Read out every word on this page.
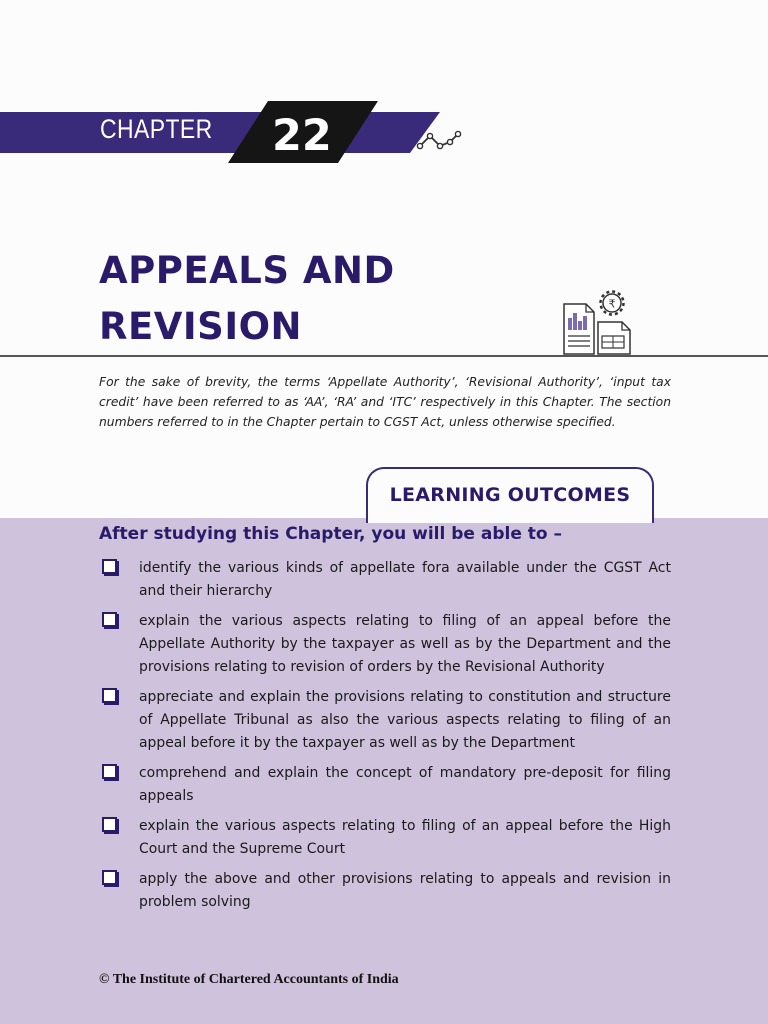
CHAPTER 22
APPEALS AND
REVISION
₹

For the sake of brevity, the terms ‘Appellate Authority’, ‘Revisional Authority’, ‘input tax credit’ have been referred to as ‘AA’, ‘RA’ and ‘ITC’ respectively in this Chapter. The section numbers referred to in the Chapter pertain to CGST Act, unless otherwise specified.

LEARNING OUTCOMES
After studying this Chapter, you will be able to –
identify the various kinds of appellate fora available under the CGST Act and their hierarchy
explain the various aspects relating to filing of an appeal before the Appellate Authority by the taxpayer as well as by the Department and the provisions relating to revision of orders by the Revisional Authority
appreciate and explain the provisions relating to constitution and structure of Appellate Tribunal as also the various aspects relating to filing of an appeal before it by the taxpayer as well as by the Department
comprehend and explain the concept of mandatory pre-deposit for filing appeals
explain the various aspects relating to filing of an appeal before the High Court and the Supreme Court
apply the above and other provisions relating to appeals and revision in problem solving

© The Institute of Chartered Accountants of India
